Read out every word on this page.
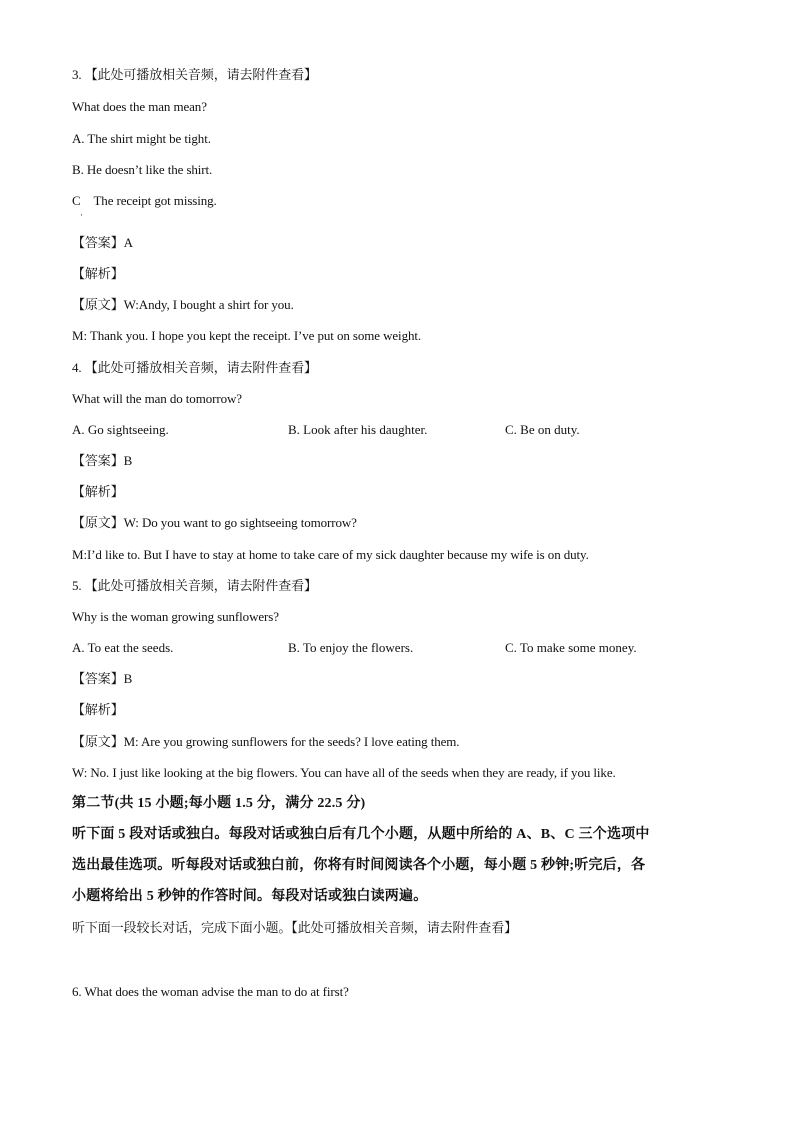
3. 【此处可播放相关音频，请去附件查看】
What does the man mean?
A. The shirt might be tight.
B. He doesn’t like the shirt.
C　The receipt got missing.
·
【答案】A
【解析】
【原文】W:Andy, I bought a shirt for you.
M: Thank you. I hope you kept the receipt. I’ve put on some weight.
4. 【此处可播放相关音频，请去附件查看】
What will the man do tomorrow?
A. Go sightseeing.	B. Look after his daughter.	C. Be on duty.
【答案】B
【解析】
【原文】W: Do you want to go sightseeing tomorrow?
M:I’d like to. But I have to stay at home to take care of my sick daughter because my wife is on duty.
5. 【此处可播放相关音频，请去附件查看】
Why is the woman growing sunflowers?
A. To eat the seeds.	B. To enjoy the flowers.	C. To make some money.
【答案】B
【解析】
【原文】M: Are you growing sunflowers for the seeds? I love eating them.
W: No. I just like looking at the big flowers. You can have all of the seeds when they are ready, if you like.
第二节(共 15 小题;每小题 1.5 分，满分 22.5 分)
听下面 5 段对话或独白。每段对话或独白后有几个小题，从题中所给的 A、B、C 三个选项中
选出最佳选项。听每段对话或独白前，你将有时间阅读各个小题，每小题 5 秒钟;听完后，各
小题将给出 5 秒钟的作答时间。每段对话或独白读两遍。
听下面一段较长对话，完成下面小题。【此处可播放相关音频，请去附件查看】
6. What does the woman advise the man to do at first?
